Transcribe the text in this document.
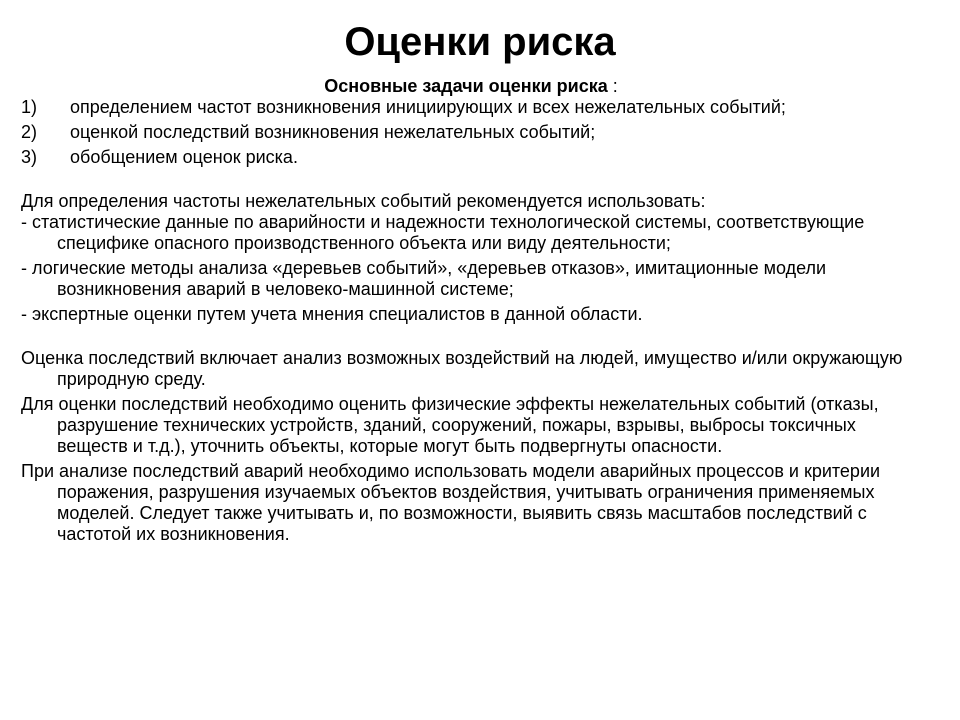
Оценки риска

Основные задачи оценки риска :

1) определением частот возникновения инициирующих и всех нежелательных событий;
2) оценкой последствий возникновения нежелательных событий;
3) обобщением оценок риска.

Для определения частоты нежелательных событий рекомендуется использовать:

- статистические данные по аварийности и надежности технологической системы, соответствующие специфике опасного производственного объекта или виду деятельности;
- логические методы анализа «деревьев событий», «деревьев отказов», имитационные модели возникновения аварий в человеко-машинной системе;
- экспертные оценки путем учета мнения специалистов в данной области.

Оценка последствий включает анализ возможных воздействий на людей, имущество и/или окружающую природную среду.

Для оценки последствий необходимо оценить физические эффекты нежелательных событий (отказы, разрушение технических устройств, зданий, сооружений, пожары, взрывы, выбросы токсичных веществ и т.д.), уточнить объекты, которые могут быть подвергнуты опасности.

При анализе последствий аварий необходимо использовать модели аварийных процессов и критерии поражения, разрушения изучаемых объектов воздействия, учитывать ограничения применяемых моделей. Следует также учитывать и, по возможности, выявить связь масштабов последствий с частотой их возникновения.
